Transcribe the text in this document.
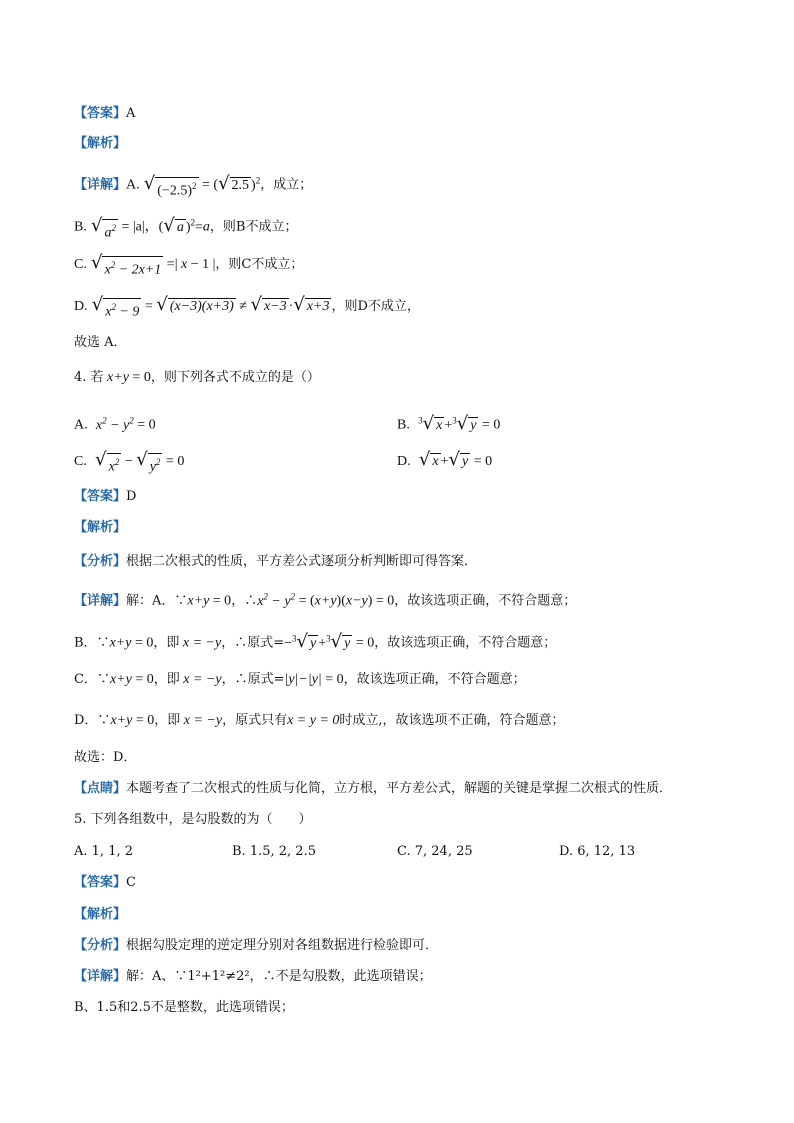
【答案】A
【解析】
【详解】A. √ $(-2.5)^2$ = ( √ 2.5 )$^2$，成立；
B. √ $a^2 = |a|$，( √ a )$^2$=a，则B不成立；
C. √ $x^2 - 2x+1$ =| x − 1 |，则C不成立；
D. √ $x^2 - 9$ = √ (x−3)(x+3) ≠ √ x−3 · √ x+3 ，则D不成立，
故选 A．
4. 若 x+y = 0，则下列各式不成立的是（）
A. $x^2 - y^2 = 0$	B. $^3$ √ x +$^3$ √ y = 0
C. √ $x^2$ − √ $y^2 = 0$	D. √ x + √ y = 0
【答案】D
【解析】
【分析】根据二次根式的性质，平方差公式逐项分析判断即可得答案．
【详解】解：A．∵x+y = 0，$\therefore x^2 - y^2 = (x+y)(x-y) = 0$，故该选项正确，不符合题意；
B．∵x+y = 0，即 x = −y，∴原式=−$^3$ √ y +$^3$ √ y = 0，故该选项正确，不符合题意；
C．∵x+y = 0，即 x = −y，∴原式=|y|−|y| = 0，故该选项正确，不符合题意；
D．∵x+y = 0，即 x = −y，原式只有x = y = 0时成立,，故该选项不正确，符合题意；
故选：D．
【点睛】本题考查了二次根式的性质与化简，立方根，平方差公式，解题的关键是掌握二次根式的性质．
5. 下列各组数中，是勾股数的为（　　）
A. 1, 1, 2	B. 1.5, 2, 2.5	C. 7, 24, 25	D. 6, 12, 13
【答案】C
【解析】
【分析】根据勾股定理的逆定理分别对各组数据进行检验即可．
【详解】解：A、∵1²+1²≠2²，∴不是勾股数，此选项错误；
B、1.5和2.5不是整数，此选项错误；
